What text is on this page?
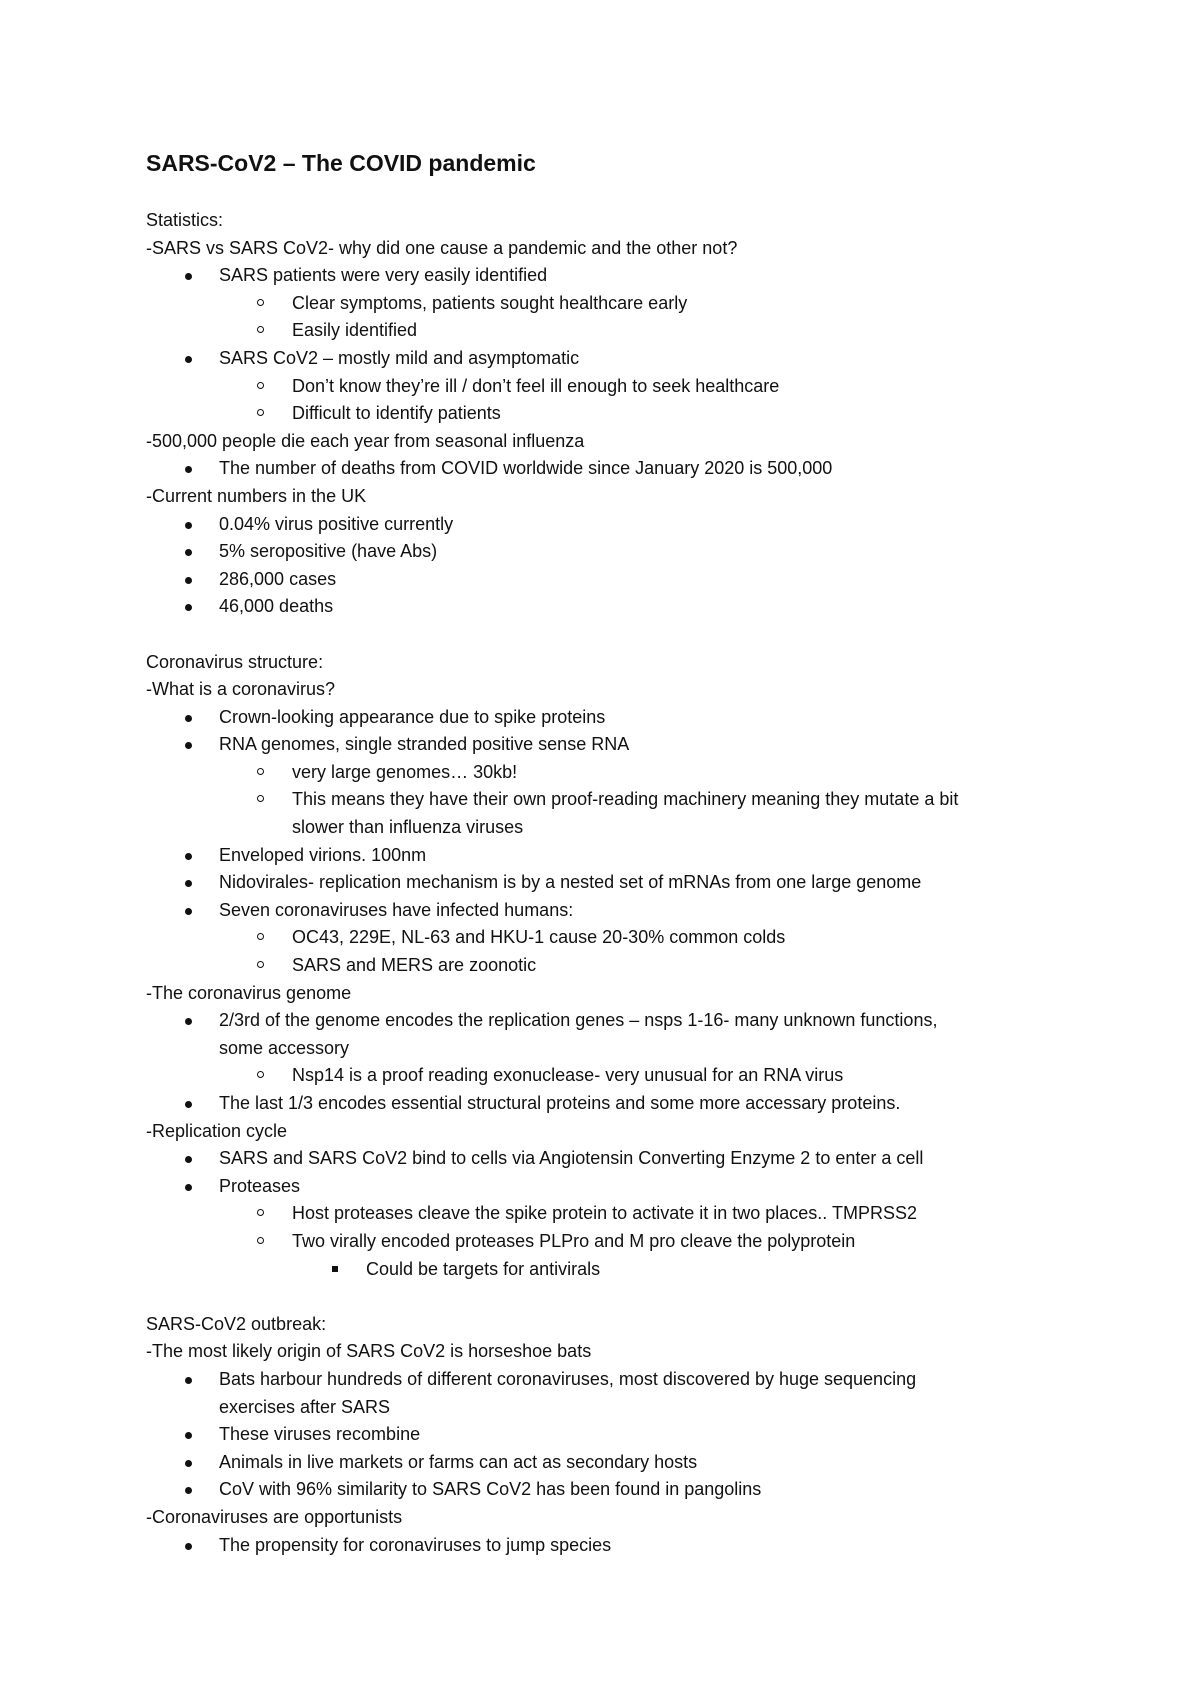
SARS-CoV2 – The COVID pandemic
Statistics:
-SARS vs SARS CoV2- why did one cause a pandemic and the other not?
SARS patients were very easily identified
Clear symptoms, patients sought healthcare early
Easily identified
SARS CoV2 – mostly mild and asymptomatic
Don’t know they’re ill / don’t feel ill enough to seek healthcare
Difficult to identify patients
-500,000 people die each year from seasonal influenza
The number of deaths from COVID worldwide since January 2020 is 500,000
-Current numbers in the UK
0.04% virus positive currently
5% seropositive (have Abs)
286,000 cases
46,000 deaths
Coronavirus structure:
-What is a coronavirus?
Crown-looking appearance due to spike proteins
RNA genomes, single stranded positive sense RNA
very large genomes… 30kb!
This means they have their own proof-reading machinery meaning they mutate a bit
slower than influenza viruses
Enveloped virions. 100nm
Nidovirales- replication mechanism is by a nested set of mRNAs from one large genome
Seven coronaviruses have infected humans:
OC43, 229E, NL-63 and HKU-1 cause 20-30% common colds
SARS and MERS are zoonotic
-The coronavirus genome
2/3rd of the genome encodes the replication genes – nsps 1-16- many unknown functions,
some accessory
Nsp14 is a proof reading exonuclease- very unusual for an RNA virus
The last 1/3 encodes essential structural proteins and some more accessary proteins.
-Replication cycle
SARS and SARS CoV2 bind to cells via Angiotensin Converting Enzyme 2 to enter a cell
Proteases
Host proteases cleave the spike protein to activate it in two places.. TMPRSS2
Two virally encoded proteases PLPro and M pro cleave the polyprotein
Could be targets for antivirals
SARS-CoV2 outbreak:
-The most likely origin of SARS CoV2 is horseshoe bats
Bats harbour hundreds of different coronaviruses, most discovered by huge sequencing
exercises after SARS
These viruses recombine
Animals in live markets or farms can act as secondary hosts
CoV with 96% similarity to SARS CoV2 has been found in pangolins
-Coronaviruses are opportunists
The propensity for coronaviruses to jump species
